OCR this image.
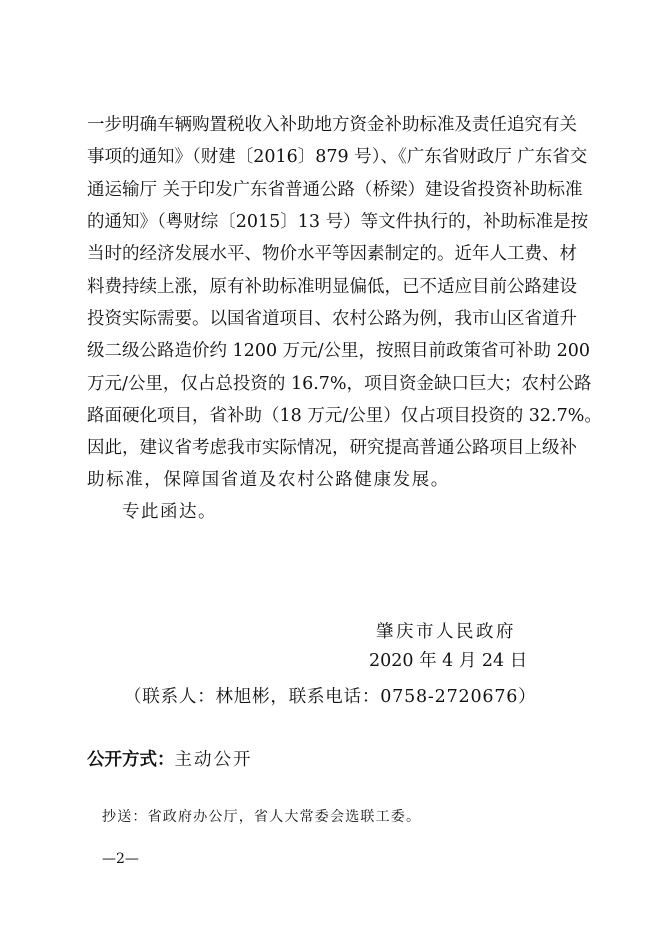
一步明确车辆购置税收入补助地方资金补助标准及责任追究有关
事项的通知》（财建〔2016〕879 号）、《广东省财政厅 广东省交
通运输厅 关于印发广东省普通公路（桥梁）建设省投资补助标准
的通知》（粤财综〔2015〕13 号）等文件执行的，补助标准是按
当时的经济发展水平、物价水平等因素制定的。近年人工费、材
料费持续上涨，原有补助标准明显偏低，已不适应目前公路建设
投资实际需要。以国省道项目、农村公路为例，我市山区省道升
级二级公路造价约 1200 万元/公里，按照目前政策省可补助 200
万元/公里，仅占总投资的 16.7%，项目资金缺口巨大；农村公路
路面硬化项目，省补助（18 万元/公里）仅占项目投资的 32.7%。
因此，建议省考虑我市实际情况，研究提高普通公路项目上级补
助标准，保障国省道及农村公路健康发展。
专此函达。
肇庆市人民政府
2020 年 4 月 24 日
（联系人：林旭彬，联系电话：0758-2720676）
公开方式：主动公开
抄送：省政府办公厅，省人大常委会选联工委。
—2—
